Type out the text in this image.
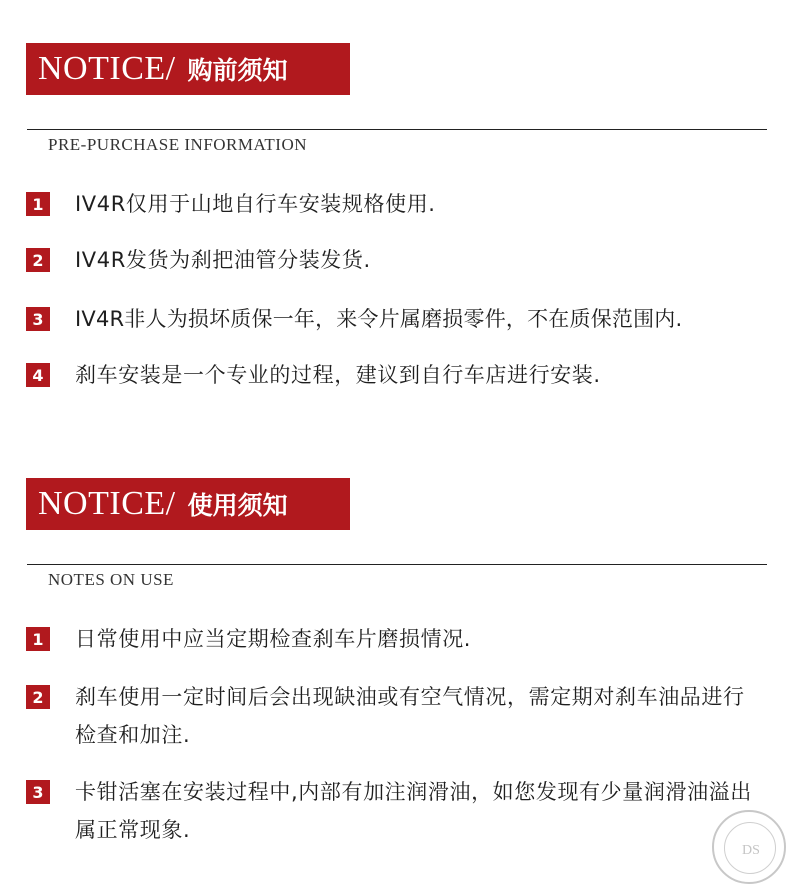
NOTICE/ 购前须知
PRE-PURCHASE INFORMATION
1	IV4R仅用于山地自行车安装规格使用.
2	IV4R发货为刹把油管分装发货.
3	IV4R非人为损坏质保一年，来令片属磨损零件，不在质保范围内.
4	刹车安装是一个专业的过程，建议到自行车店进行安装.
NOTICE/ 使用须知
NOTES ON USE
1	日常使用中应当定期检查刹车片磨损情况.
2	刹车使用一定时间后会出现缺油或有空气情况，需定期对刹车油品进行检查和加注.
3	卡钳活塞在安装过程中,内部有加注润滑油，如您发现有少量润滑油溢出属正常现象.
DS
